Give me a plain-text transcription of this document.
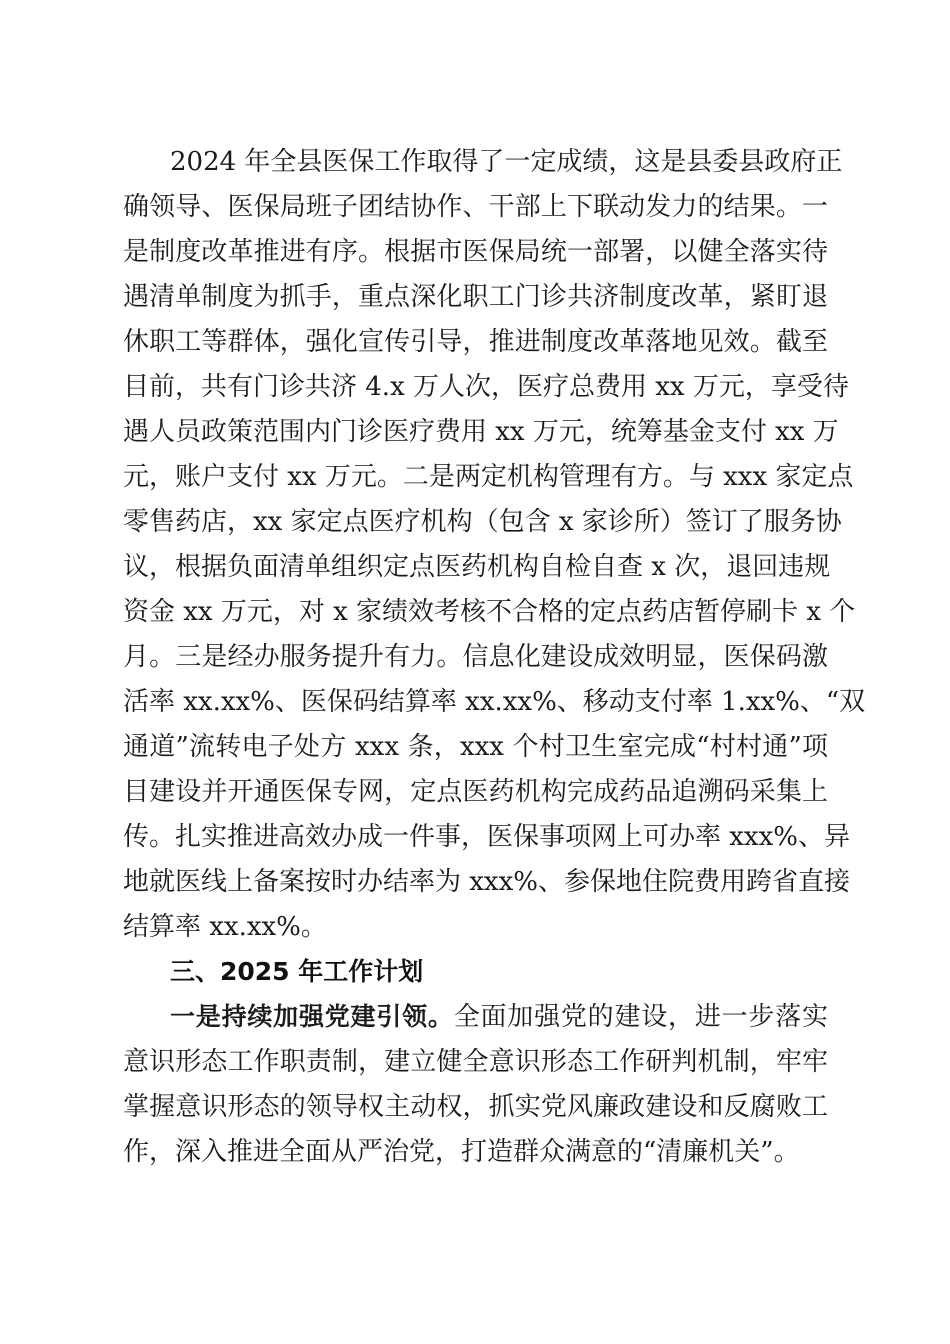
2024 年全县医保工作取得了一定成绩，这是县委县政府正
确领导、医保局班子团结协作、干部上下联动发力的结果。一
是制度改革推进有序。根据市医保局统一部署，以健全落实待
遇清单制度为抓手，重点深化职工门诊共济制度改革，紧盯退
休职工等群体，强化宣传引导，推进制度改革落地见效。截至
目前，共有门诊共济 4.x 万人次，医疗总费用 xx 万元，享受待
遇人员政策范围内门诊医疗费用 xx 万元，统筹基金支付 xx 万
元，账户支付 xx 万元。二是两定机构管理有方。与 xxx 家定点
零售药店，xx 家定点医疗机构（包含 x 家诊所）签订了服务协
议，根据负面清单组织定点医药机构自检自查 x 次，退回违规
资金 xx 万元，对 x 家绩效考核不合格的定点药店暂停刷卡 x 个
月。三是经办服务提升有力。信息化建设成效明显，医保码激
活率 xx.xx%、医保码结算率 xx.xx%、移动支付率 1.xx%、“双
通道”流转电子处方 xxx 条，xxx 个村卫生室完成“村村通”项
目建设并开通医保专网，定点医药机构完成药品追溯码采集上
传。扎实推进高效办成一件事，医保事项网上可办率 xxx%、异
地就医线上备案按时办结率为 xxx%、参保地住院费用跨省直接
结算率 xx.xx%。
三、2025 年工作计划
一是持续加强党建引领。全面加强党的建设，进一步落实
意识形态工作职责制，建立健全意识形态工作研判机制，牢牢
掌握意识形态的领导权主动权，抓实党风廉政建设和反腐败工
作，深入推进全面从严治党，打造群众满意的“清廉机关”。
